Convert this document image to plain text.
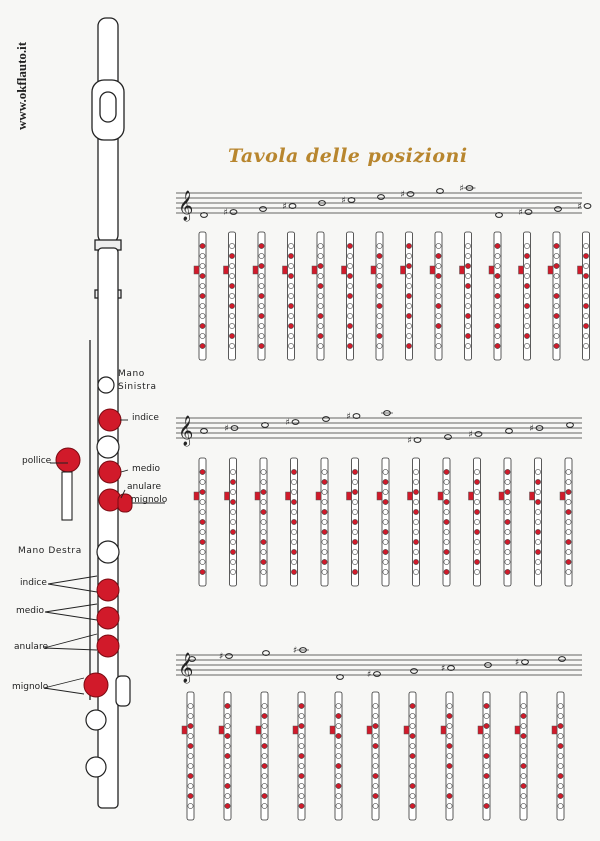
www.okflauto.it
Tavola delle posizioni
Mano Sinistra
indice
medio
anulare
mignolo
pollice
Mano Destra
indice
medio
anulare
mignolo
𝄞	♯
♯
♯
♯
♯
♯
♯
𝄞	♯
♯
♯
♯
♯
♯
𝄞	♯
♯
♯
♯
♯
